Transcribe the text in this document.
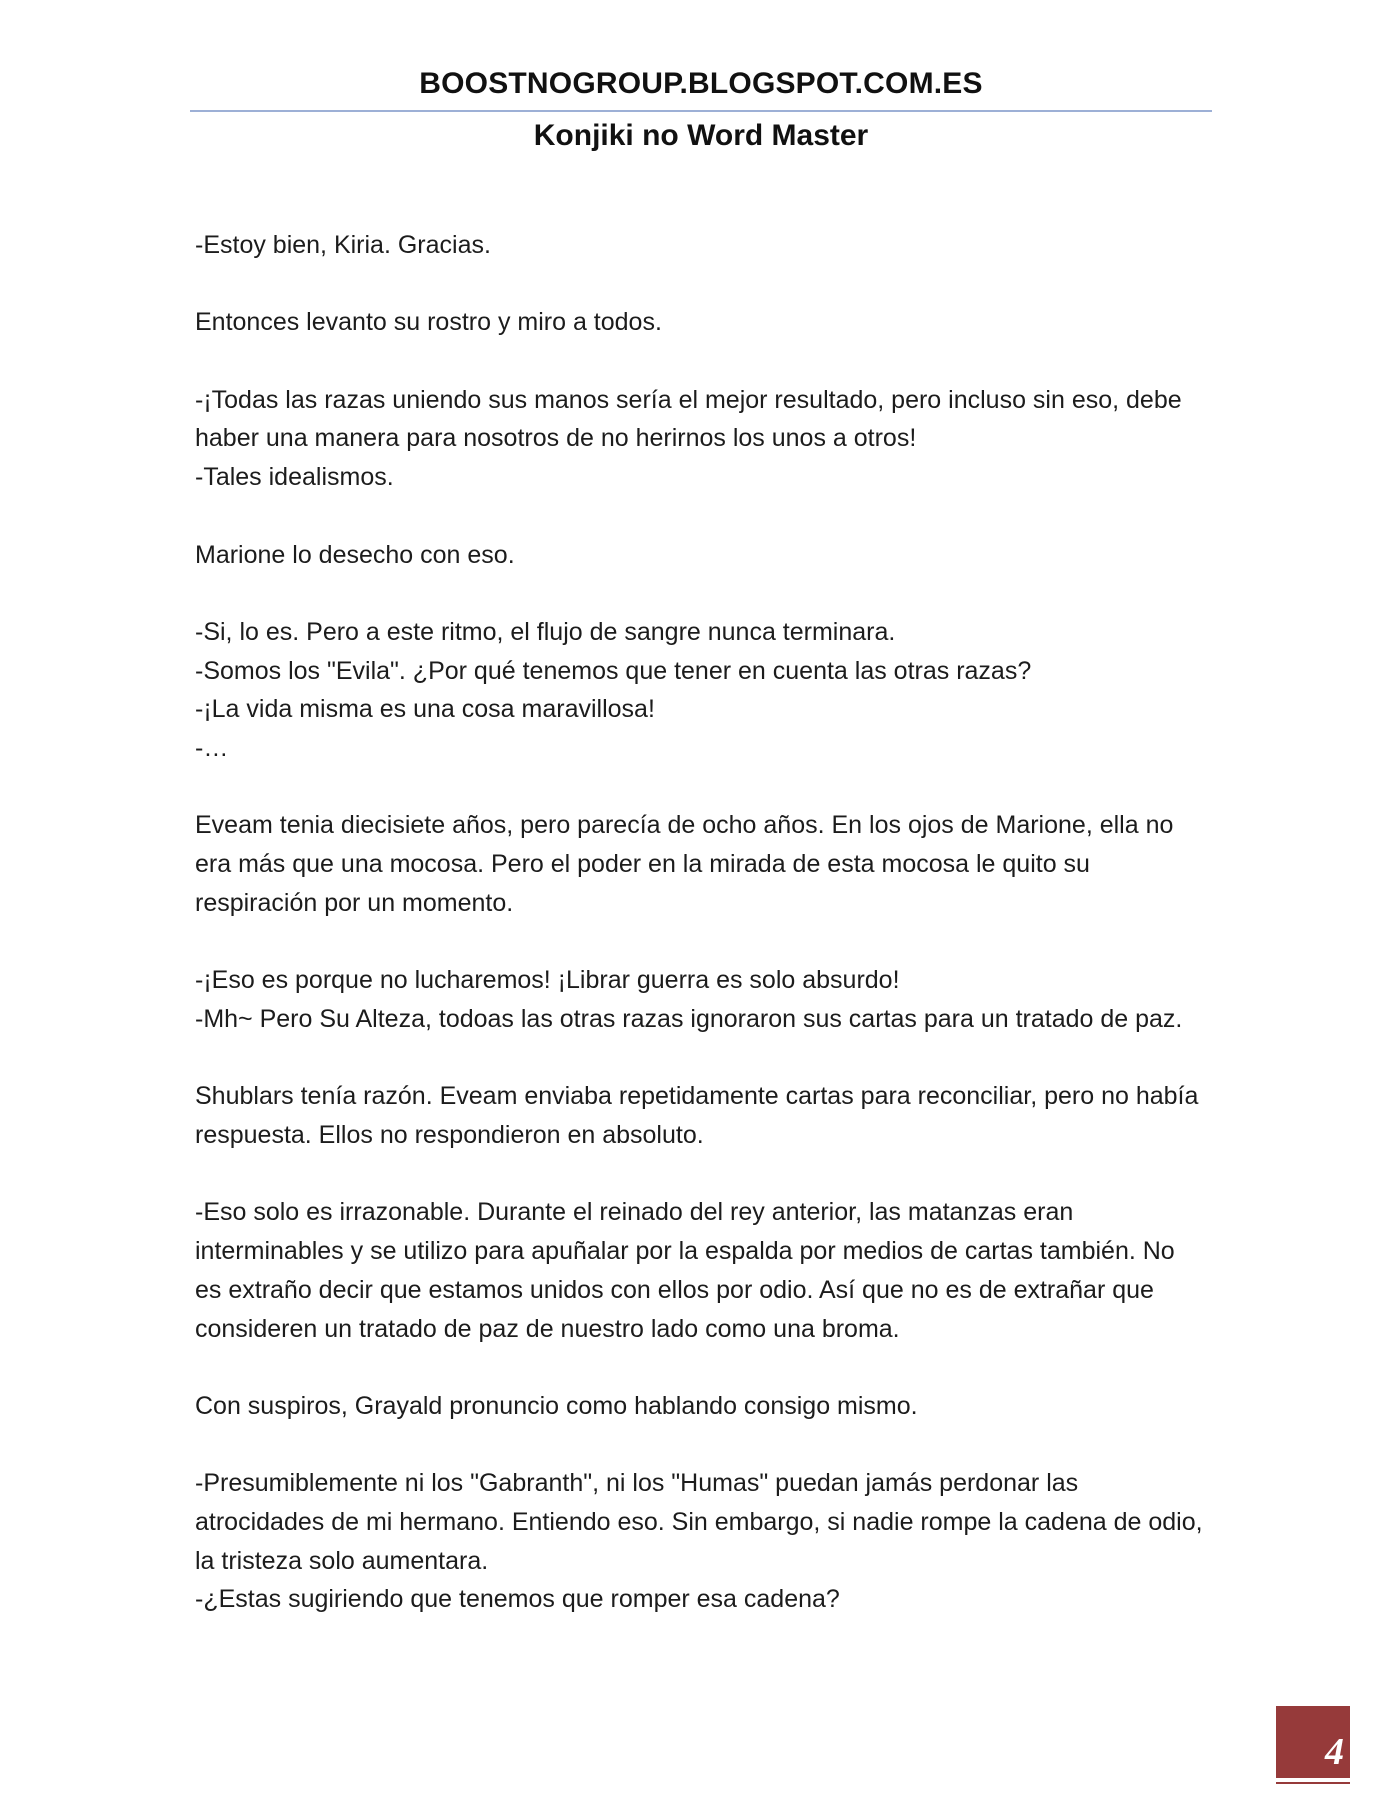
BOOSTNOGROUP.BLOGSPOT.COM.ES
Konjiki no Word Master
-Estoy bien, Kiria. Gracias.
Entonces levanto su rostro y miro a todos.
-¡Todas las razas uniendo sus manos sería el mejor resultado, pero incluso sin eso, debe
haber una manera para nosotros de no herirnos los unos a otros!
-Tales idealismos.
Marione lo desecho con eso.
-Si, lo es. Pero a este ritmo, el flujo de sangre nunca terminara.
-Somos los "Evila". ¿Por qué tenemos que tener en cuenta las otras razas?
-¡La vida misma es una cosa maravillosa!
-…
Eveam tenia diecisiete años, pero parecía de ocho años. En los ojos de Marione, ella no
era más que una mocosa. Pero el poder en la mirada de esta mocosa le quito su
respiración por un momento.
-¡Eso es porque no lucharemos! ¡Librar guerra es solo absurdo!
-Mh~ Pero Su Alteza, todoas las otras razas ignoraron sus cartas para un tratado de paz.
Shublars tenía razón. Eveam enviaba repetidamente cartas para reconciliar, pero no había
respuesta. Ellos no respondieron en absoluto.
-Eso solo es irrazonable. Durante el reinado del rey anterior, las matanzas eran
interminables y se utilizo para apuñalar por la espalda por medios de cartas también. No
es extraño decir que estamos unidos con ellos por odio. Así que no es de extrañar que
consideren un tratado de paz de nuestro lado como una broma.
Con suspiros, Grayald pronuncio como hablando consigo mismo.
-Presumiblemente ni los "Gabranth", ni los "Humas" puedan jamás perdonar las
atrocidades de mi hermano. Entiendo eso. Sin embargo, si nadie rompe la cadena de odio,
la tristeza solo aumentara.
-¿Estas sugiriendo que tenemos que romper esa cadena?
4
